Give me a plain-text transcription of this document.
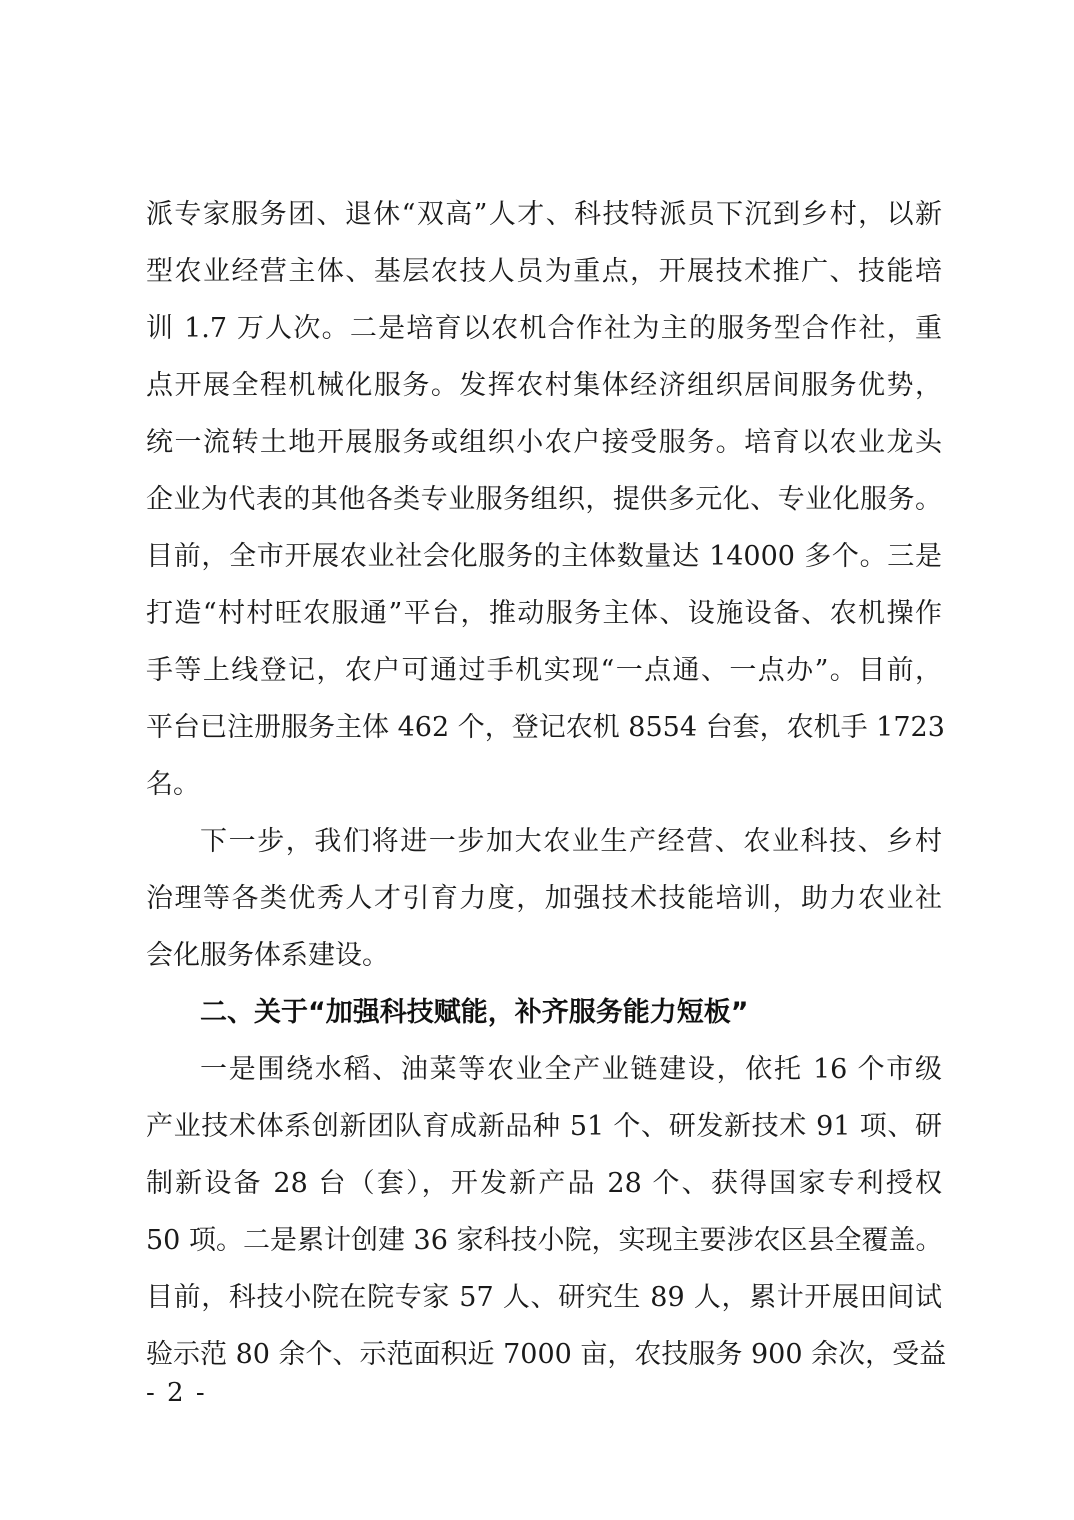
派专家服务团、退休“双高”人才、科技特派员下沉到乡村，以新
型农业经营主体、基层农技人员为重点，开展技术推广、技能培
训 1.7 万人次。二是培育以农机合作社为主的服务型合作社，重
点开展全程机械化服务。发挥农村集体经济组织居间服务优势，
统一流转土地开展服务或组织小农户接受服务。培育以农业龙头
企业为代表的其他各类专业服务组织，提供多元化、专业化服务。
目前，全市开展农业社会化服务的主体数量达 14000 多个。三是
打造“村村旺农服通”平台，推动服务主体、设施设备、农机操作
手等上线登记，农户可通过手机实现“一点通、一点办”。目前，
平台已注册服务主体 462 个，登记农机 8554 台套，农机手 1723
名。
下一步，我们将进一步加大农业生产经营、农业科技、乡村
治理等各类优秀人才引育力度，加强技术技能培训，助力农业社
会化服务体系建设。
二、关于“加强科技赋能，补齐服务能力短板”
一是围绕水稻、油菜等农业全产业链建设，依托 16 个市级
产业技术体系创新团队育成新品种 51 个、研发新技术 91 项、研
制新设备 28 台（套），开发新产品 28 个、获得国家专利授权
50 项。二是累计创建 36 家科技小院，实现主要涉农区县全覆盖。
目前，科技小院在院专家 57 人、研究生 89 人，累计开展田间试
验示范 80 余个、示范面积近 7000 亩，农技服务 900 余次，受益
- 2 -
